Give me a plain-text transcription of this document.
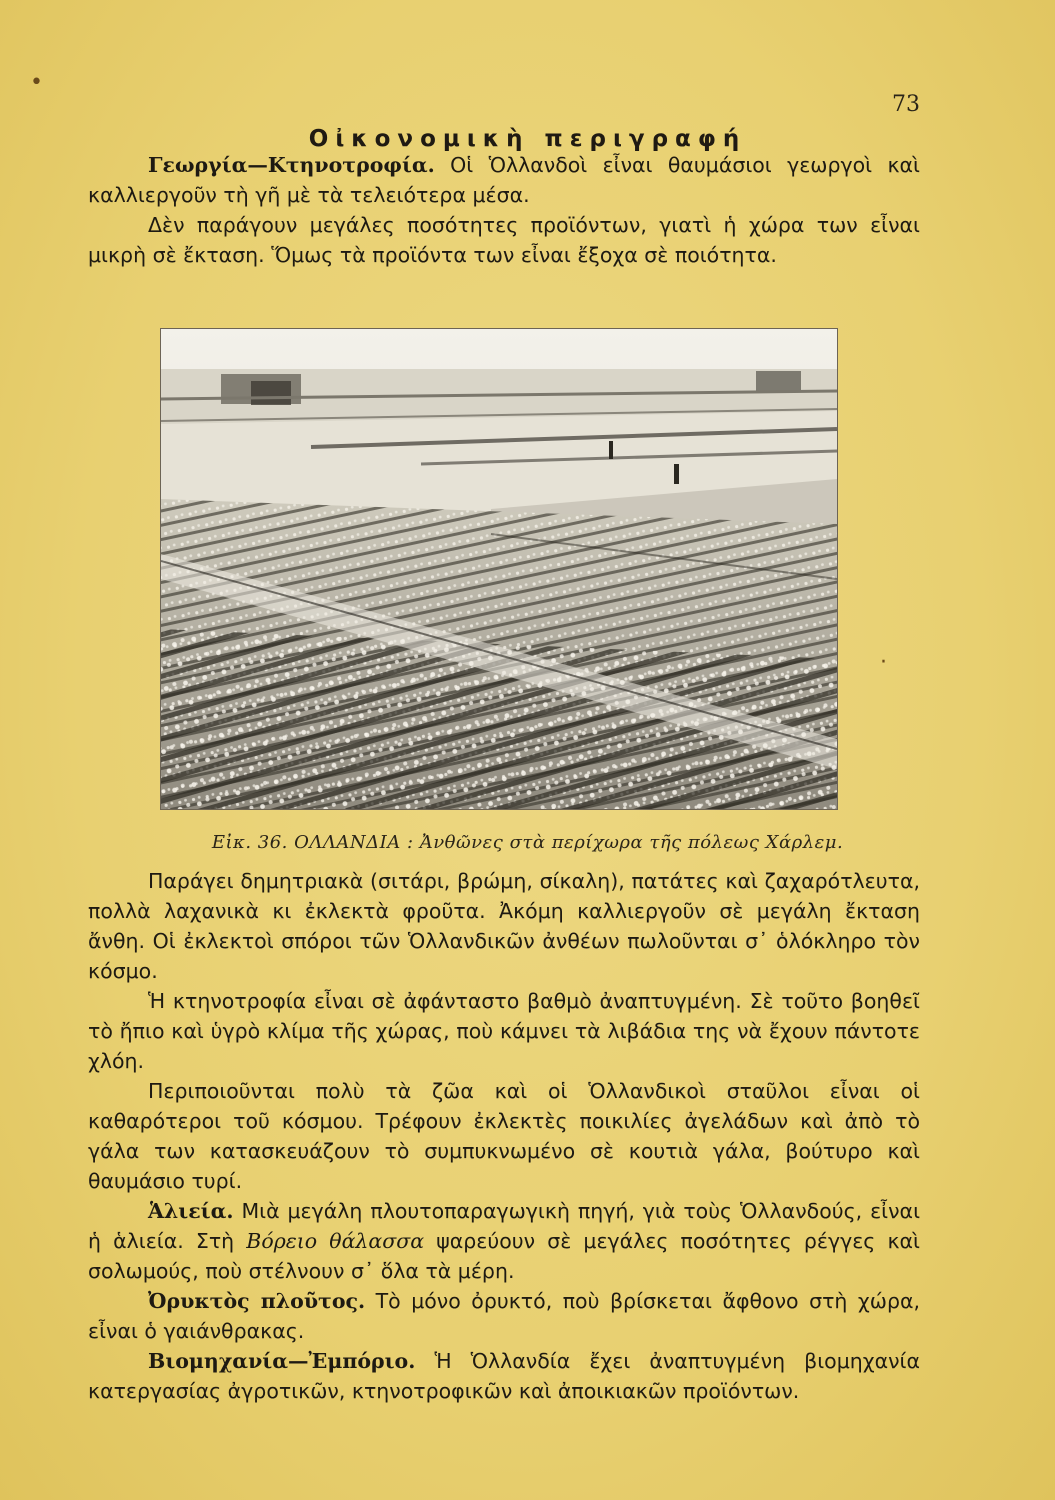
73
Οἰκονομικὴ περιγραφή

Γεωργία—Κτηνοτροφία. Οἱ Ὁλλανδοὶ εἶναι θαυμάσιοι γεωργοὶ καὶ καλλιεργοῦν τὴ γῆ μὲ τὰ τελειότερα μέσα.

Δὲν παράγουν μεγάλες ποσότητες προϊόντων, γιατὶ ἡ χώρα των εἶναι μικρὴ σὲ ἔκταση. Ὅμως τὰ προϊόντα των εἶναι ἔξοχα σὲ ποιότητα.

Εἰκ. 36. ΟΛΛΑΝΔΙΑ : Ἀνθῶνες στὰ περίχωρα τῆς πόλεως Χάρλεμ.

Παράγει δημητριακὰ (σιτάρι, βρώμη, σίκαλη), πατάτες καὶ ζαχαρότλευτα, πολλὰ λαχανικὰ κι ἐκλεκτὰ φροῦτα. Ἀκόμη καλλιεργοῦν σὲ μεγάλη ἔκταση ἄνθη. Οἱ ἐκλεκτοὶ σπόροι τῶν Ὁλλανδικῶν ἀνθέων πωλοῦνται σ᾽ ὁλόκληρο τὸν κόσμο.

Ἡ κτηνοτροφία εἶναι σὲ ἀφάνταστο βαθμὸ ἀναπτυγμένη. Σὲ τοῦτο βοηθεῖ τὸ ἤπιο καὶ ὑγρὸ κλίμα τῆς χώρας, ποὺ κάμνει τὰ λιβάδια της νὰ ἔχουν πάντοτε χλόη.

Περιποιοῦνται πολὺ τὰ ζῶα καὶ οἱ Ὁλλανδικοὶ σταῦλοι εἶναι οἱ καθαρότεροι τοῦ κόσμου. Τρέφουν ἐκλεκτὲς ποικιλίες ἀγελάδων καὶ ἀπὸ τὸ γάλα των κατασκευάζουν τὸ συμπυκνωμένο σὲ κουτιὰ γάλα, βούτυρο καὶ θαυμάσιο τυρί.

Ἁλιεία. Μιὰ μεγάλη πλουτοπαραγωγικὴ πηγή, γιὰ τοὺς Ὁλλανδούς, εἶναι ἡ ἁλιεία. Στὴ Βόρειο θάλασσα ψαρεύουν σὲ μεγάλες ποσότητες ρέγγες καὶ σολωμούς, ποὺ στέλνουν σ᾽ ὅλα τὰ μέρη.

Ὀρυκτὸς πλοῦτος. Τὸ μόνο ὀρυκτό, ποὺ βρίσκεται ἄφθονο στὴ χώρα, εἶναι ὁ γαιάνθρακας.

Βιομηχανία—Ἐμπόριο. Ἡ Ὁλλανδία ἔχει ἀναπτυγμένη βιομηχανία κατεργασίας ἀγροτικῶν, κτηνοτροφικῶν καὶ ἀποικιακῶν προϊόντων.

•
·
